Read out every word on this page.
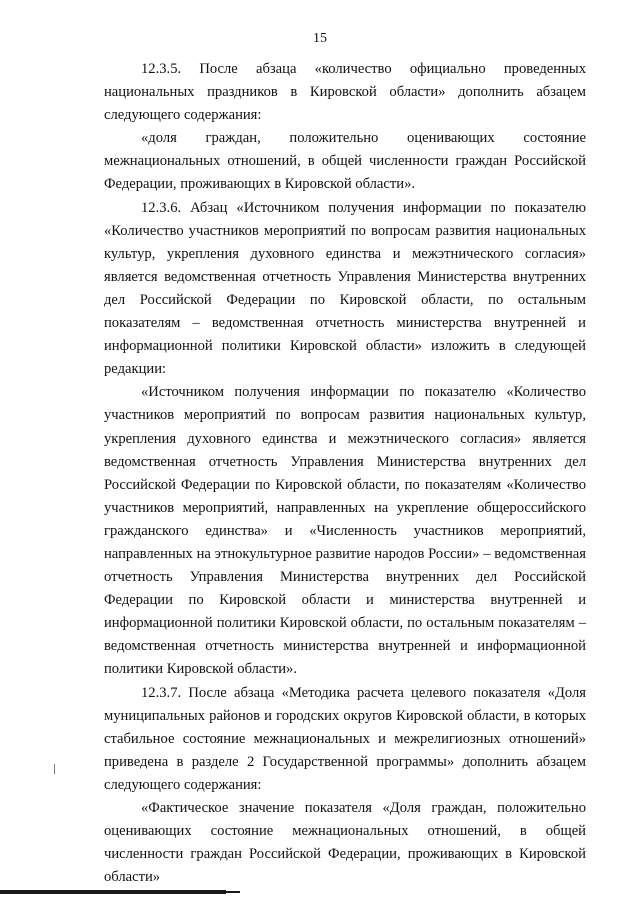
15

12.3.5. После абзаца «количество официально проведенных национальных праздников в Кировской области» дополнить абзацем следующего содержания:

«доля граждан, положительно оценивающих состояние межнациональных отношений, в общей численности граждан Российской Федерации, проживающих в Кировской области».

12.3.6. Абзац «Источником получения информации по показателю «Количество участников мероприятий по вопросам развития национальных культур, укрепления духовного единства и межэтнического согласия» является ведомственная отчетность Управления Министерства внутренних дел Российской Федерации по Кировской области, по остальным показателям – ведомственная отчетность министерства внутренней и информационной политики Кировской области» изложить в следующей редакции:

«Источником получения информации по показателю «Количество участников мероприятий по вопросам развития национальных культур, укрепления духовного единства и межэтнического согласия» является ведомственная отчетность Управления Министерства внутренних дел Российской Федерации по Кировской области, по показателям «Количество участников мероприятий, направленных на укрепление общероссийского гражданского единства» и «Численность участников мероприятий, направленных на этнокультурное развитие народов России» – ведомственная отчетность Управления Министерства внутренних дел Российской Федерации по Кировской области и министерства внутренней и информационной политики Кировской области, по остальным показателям – ведомственная отчетность министерства внутренней и информационной политики Кировской области».

12.3.7. После абзаца «Методика расчета целевого показателя «Доля муниципальных районов и городских округов Кировской области, в которых стабильное состояние межнациональных и межрелигиозных отношений» приведена в разделе 2 Государственной программы» дополнить абзацем следующего содержания:

«Фактическое значение показателя «Доля граждан, положительно оценивающих состояние межнациональных отношений, в общей численности граждан Российской Федерации, проживающих в Кировской области»
